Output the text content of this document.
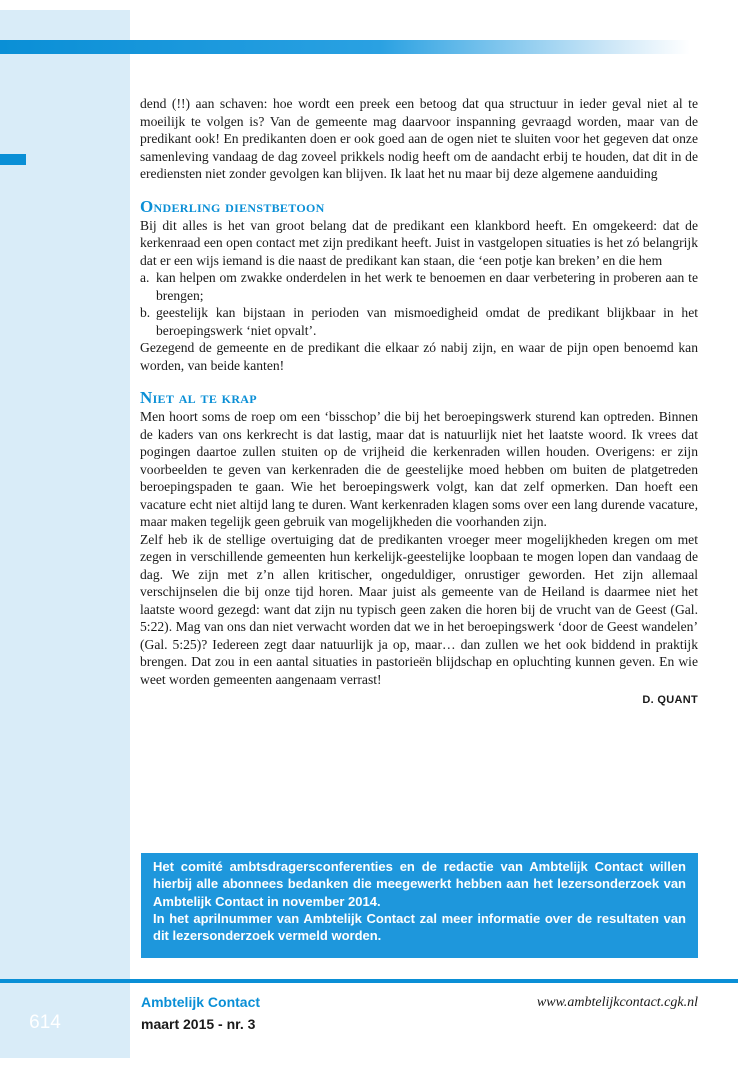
dend (!!) aan schaven: hoe wordt een preek een betoog dat qua structuur in ieder geval niet al te moeilijk te volgen is? Van de gemeente mag daarvoor inspanning gevraagd worden, maar van de predikant ook! En predikanten doen er ook goed aan de ogen niet te sluiten voor het gegeven dat onze samenleving vandaag de dag zoveel prikkels nodig heeft om de aandacht erbij te houden, dat dit in de erediensten niet zonder gevolgen kan blijven. Ik laat het nu maar bij deze algemene aanduiding

Onderling dienstbetoon

Bij dit alles is het van groot belang dat de predikant een klankbord heeft. En omgekeerd: dat de kerkenraad een open contact met zijn predikant heeft. Juist in vastgelopen situaties is het zó belangrijk dat er een wijs iemand is die naast de predikant kan staan, die ‘een potje kan breken’ en die hem

a. kan helpen om zwakke onderdelen in het werk te benoemen en daar verbetering in proberen aan te brengen;
b. geestelijk kan bijstaan in perioden van mismoedigheid omdat de predikant blijkbaar in het beroepingswerk ‘niet opvalt’.

Gezegend de gemeente en de predikant die elkaar zó nabij zijn, en waar de pijn open benoemd kan worden, van beide kanten!

Niet al te krap

Men hoort soms de roep om een ‘bisschop’ die bij het beroepingswerk sturend kan optreden. Binnen de kaders van ons kerkrecht is dat lastig, maar dat is natuurlijk niet het laatste woord. Ik vrees dat pogingen daartoe zullen stuiten op de vrijheid die kerkenraden willen houden. Overigens: er zijn voorbeelden te geven van kerkenraden die de geestelijke moed hebben om buiten de platgetreden beroepingspaden te gaan. Wie het beroepingswerk volgt, kan dat zelf opmerken. Dan hoeft een vacature echt niet altijd lang te duren. Want kerkenraden klagen soms over een lang durende vacature, maar maken tegelijk geen gebruik van mogelijkheden die voorhanden zijn.

Zelf heb ik de stellige overtuiging dat de predikanten vroeger meer mogelijkheden kregen om met zegen in verschillende gemeenten hun kerkelijk-geestelijke loopbaan te mogen lopen dan vandaag de dag. We zijn met z’n allen kritischer, ongeduldiger, onrustiger geworden. Het zijn allemaal verschijnselen die bij onze tijd horen. Maar juist als gemeente van de Heiland is daarmee niet het laatste woord gezegd: want dat zijn nu typisch geen zaken die horen bij de vrucht van de Geest (Gal. 5:22). Mag van ons dan niet verwacht worden dat we in het beroepingswerk ‘door de Geest wandelen’ (Gal. 5:25)? Iedereen zegt daar natuurlijk ja op, maar… dan zullen we het ook biddend in praktijk brengen. Dat zou in een aantal situaties in pastorieën blijdschap en opluchting kunnen geven. En wie weet worden gemeenten aangenaam verrast!

D. QUANT

Het comité ambtsdragersconferenties en de redactie van Ambtelijk Contact willen hierbij alle abonnees bedanken die meegewerkt hebben aan het lezersonderzoek van Ambtelijk Contact in november 2014.

In het aprilnummer van Ambtelijk Contact zal meer informatie over de resultaten van dit lezersonderzoek vermeld worden.

614
Ambtelijk Contact
maart 2015 - nr. 3
www.ambtelijkcontact.cgk.nl
